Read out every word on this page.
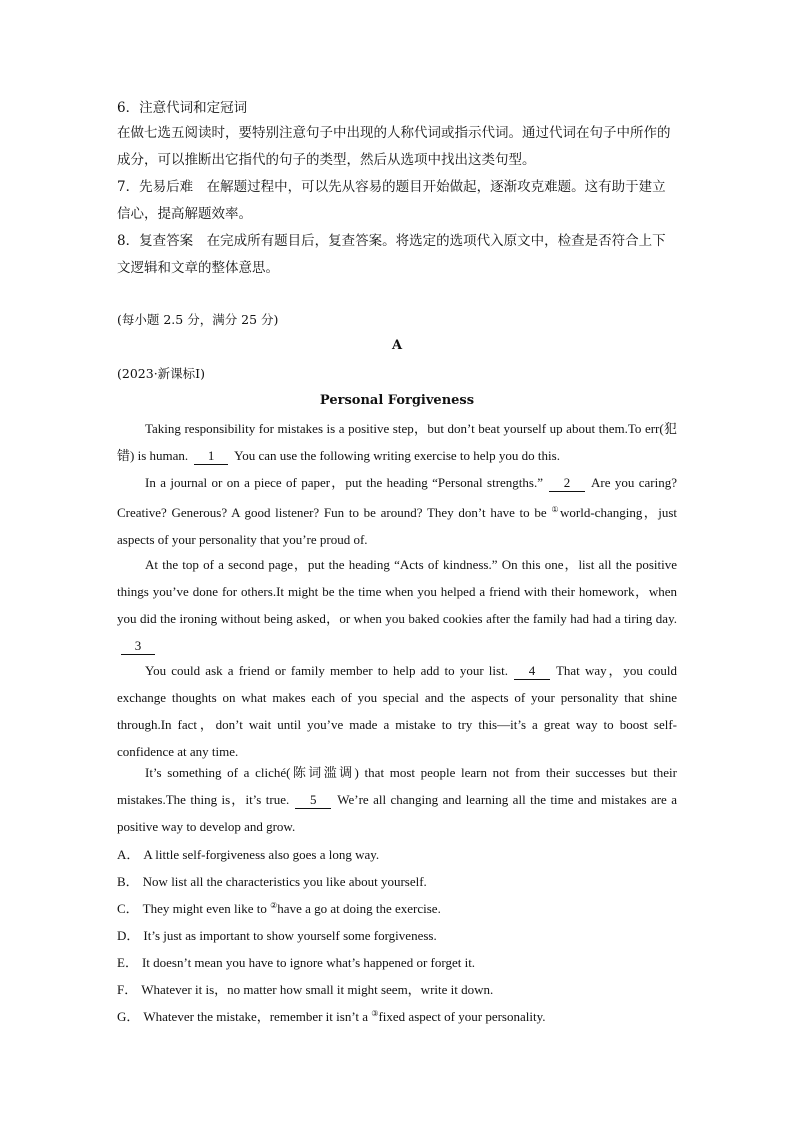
6．注意代词和定冠词
在做七选五阅读时，要特别注意句子中出现的人称代词或指示代词。通过代词在句子中所作的成分，可以推断出它指代的句子的类型，然后从选项中找出这类句型。
7．先易后难　在解题过程中，可以先从容易的题目开始做起，逐渐攻克难题。这有助于建立信心，提高解题效率。
8．复查答案　在完成所有题目后，复查答案。将选定的选项代入原文中，检查是否符合上下文逻辑和文章的整体意思。
(每小题 2.5 分，满分 25 分)
A
(2023·新课标Ⅰ)
Personal Forgiveness
Taking responsibility for mistakes is a positive step，but don’t beat yourself up about them.To err(犯错) is human. 1 You can use the following writing exercise to help you do this.
In a journal or on a piece of paper，put the heading “Personal strengths.” 2 Are you caring? Creative? Generous? A good listener? Fun to be around? They don’t have to be ①world-changing，just aspects of your personality that you’re proud of.
At the top of a second page，put the heading “Acts of kindness.” On this one，list all the positive things you’ve done for others.It might be the time when you helped a friend with their homework，when you did the ironing without being asked，or when you baked cookies after the family had had a tiring day.3
You could ask a friend or family member to help add to your list. 4 That way，you could exchange thoughts on what makes each of you special and the aspects of your personality that shine through.In fact，don’t wait until you’ve made a mistake to try this—it’s a great way to boost self-confidence at any time.
It’s something of a cliché(陈词滥调) that most people learn not from their successes but their mistakes.The thing is，it’s true. 5 We’re all changing and learning all the time and mistakes are a positive way to develop and grow.
A． A little self-forgiveness also goes a long way.
B． Now list all the characteristics you like about yourself.
C． They might even like to ②have a go at doing the exercise.
D． It’s just as important to show yourself some forgiveness.
E． It doesn’t mean you have to ignore what’s happened or forget it.
F． Whatever it is，no matter how small it might seem，write it down.
G． Whatever the mistake，remember it isn’t a ③fixed aspect of your personality.
